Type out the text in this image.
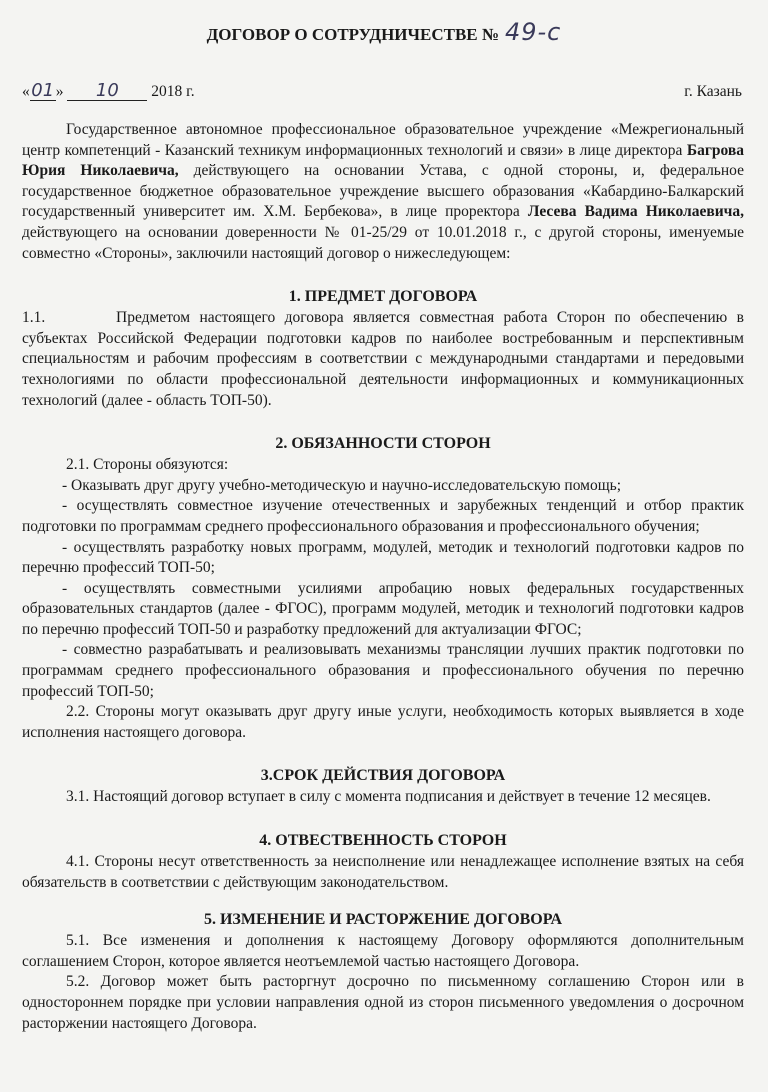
ДОГОВОР О СОТРУДНИЧЕСТВЕ № 49-с
«01» 10 2018 г.	г. Казань

Государственное автономное профессиональное образовательное учреждение «Межрегиональный центр компетенций - Казанский техникум информационных технологий и связи» в лице директора Багрова Юрия Николаевича, действующего на основании Устава, с одной стороны, и, федеральное государственное бюджетное образовательное учреждение высшего образования «Кабардино-Балкарский государственный университет им. Х.М. Бербекова», в лице проректора Лесева Вадима Николаевича, действующего на основании доверенности № 01-25/29 от 10.01.2018 г., с другой стороны, именуемые совместно «Стороны», заключили настоящий договор о нижеследующем:

1. ПРЕДМЕТ ДОГОВОРА

1.1.	Предметом настоящего договора является совместная работа Сторон по обеспечению в субъектах Российской Федерации подготовки кадров по наиболее востребованным и перспективным специальностям и рабочим профессиям в соответствии с международными стандартами и передовыми технологиями по области профессиональной деятельности информационных и коммуникационных технологий (далее - область ТОП-50).

2. ОБЯЗАННОСТИ СТОРОН

2.1. Стороны обязуются:

- Оказывать друг другу учебно-методическую и научно-исследовательскую помощь;

- осуществлять совместное изучение отечественных и зарубежных тенденций и отбор практик подготовки по программам среднего профессионального образования и профессионального обучения;

- осуществлять разработку новых программ, модулей, методик и технологий подготовки кадров по перечню профессий ТОП-50;

- осуществлять совместными усилиями апробацию новых федеральных государственных образовательных стандартов (далее - ФГОС), программ модулей, методик и технологий подготовки кадров по перечню профессий ТОП-50 и разработку предложений для актуализации ФГОС;

- совместно разрабатывать и реализовывать механизмы трансляции лучших практик подготовки по программам среднего профессионального образования и профессионального обучения по перечню профессий ТОП-50;

2.2. Стороны могут оказывать друг другу иные услуги, необходимость которых выявляется в ходе исполнения настоящего договора.

3.СРОК ДЕЙСТВИЯ ДОГОВОРА

3.1. Настоящий договор вступает в силу с момента подписания и действует в течение 12 месяцев.

4. ОТВЕСТВЕННОСТЬ СТОРОН

4.1. Стороны несут ответственность за неисполнение или ненадлежащее исполнение взятых на себя обязательств в соответствии с действующим законодательством.

5. ИЗМЕНЕНИЕ И РАСТОРЖЕНИЕ ДОГОВОРА

5.1. Все изменения и дополнения к настоящему Договору оформляются дополнительным соглашением Сторон, которое является неотъемлемой частью настоящего Договора.

5.2. Договор может быть расторгнут досрочно по письменному соглашению Сторон или в одностороннем порядке при условии направления одной из сторон письменного уведомления о досрочном расторжении настоящего Договора.
